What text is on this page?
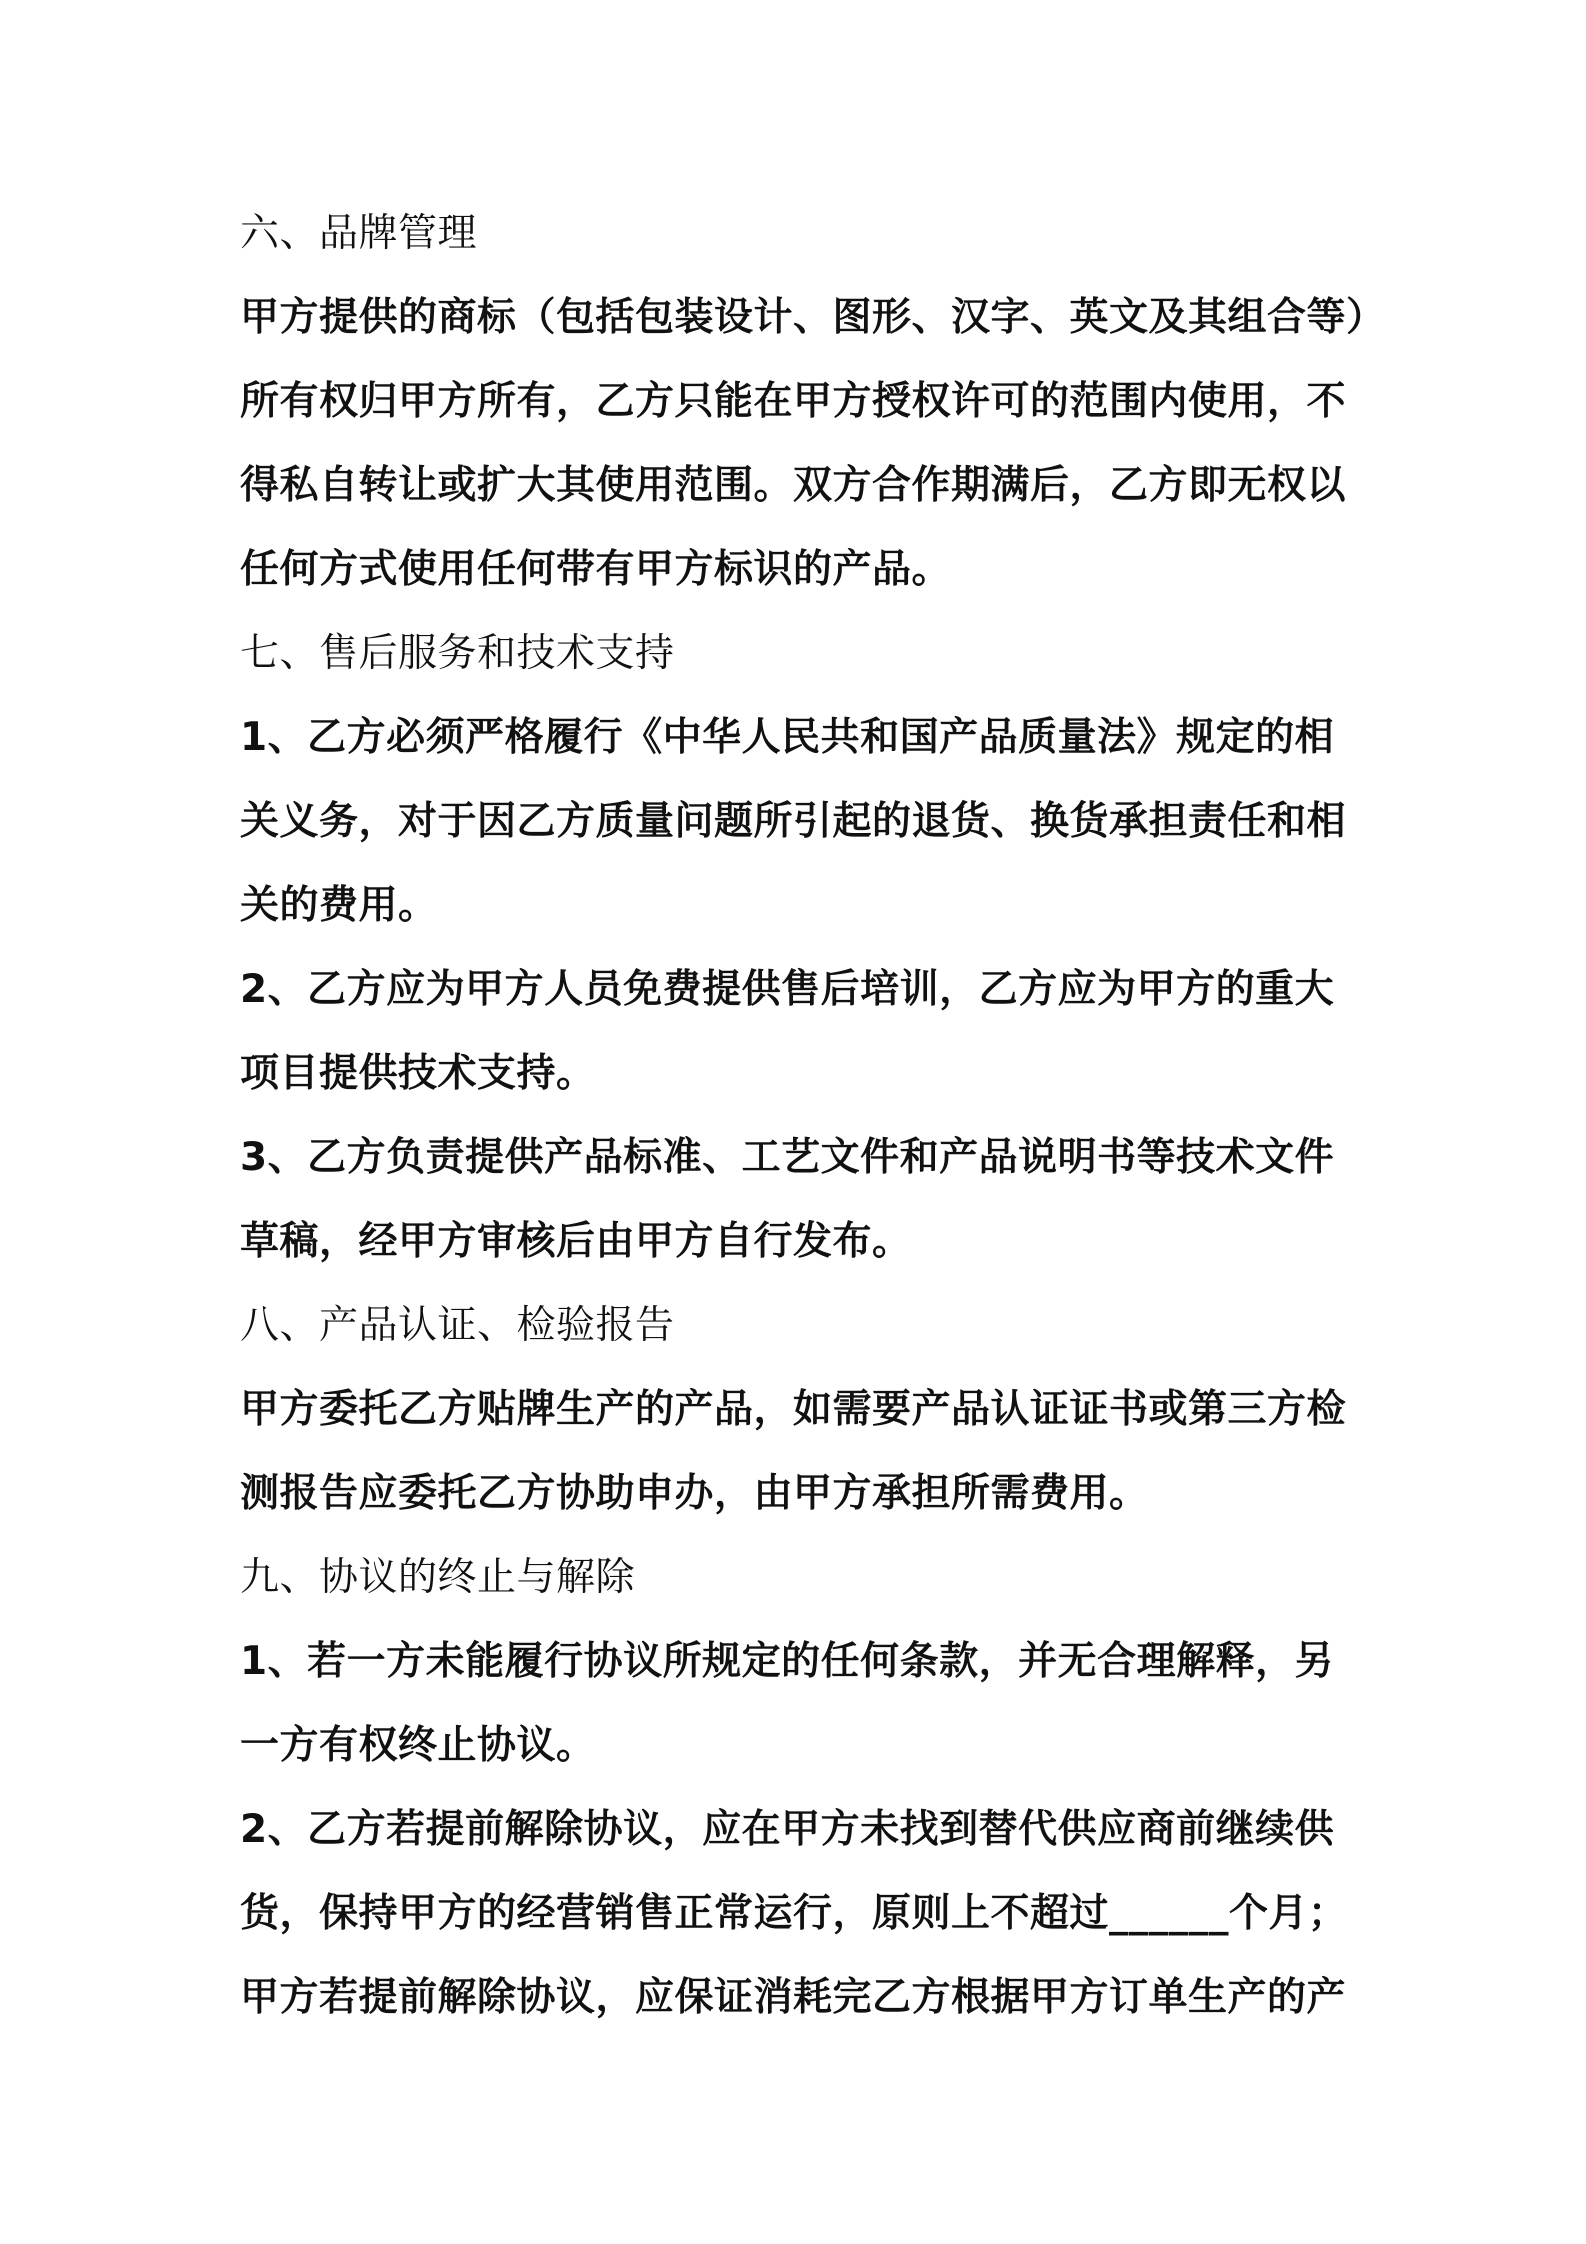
六、品牌管理
甲方提供的商标（包括包装设计、图形、汉字、英文及其组合等）
所有权归甲方所有，乙方只能在甲方授权许可的范围内使用，不
得私自转让或扩大其使用范围。双方合作期满后，乙方即无权以
任何方式使用任何带有甲方标识的产品。
七、售后服务和技术支持
1、乙方必须严格履行《中华人民共和国产品质量法》规定的相
关义务，对于因乙方质量问题所引起的退货、换货承担责任和相
关的费用。
2、乙方应为甲方人员免费提供售后培训，乙方应为甲方的重大
项目提供技术支持。
3、乙方负责提供产品标准、工艺文件和产品说明书等技术文件
草稿，经甲方审核后由甲方自行发布。
八、产品认证、检验报告
甲方委托乙方贴牌生产的产品，如需要产品认证证书或第三方检
测报告应委托乙方协助申办，由甲方承担所需费用。
九、协议的终止与解除
1、若一方未能履行协议所规定的任何条款，并无合理解释，另
一方有权终止协议。
2、乙方若提前解除协议，应在甲方未找到替代供应商前继续供
货，保持甲方的经营销售正常运行，原则上不超过______个月；
甲方若提前解除协议，应保证消耗完乙方根据甲方订单生产的产
